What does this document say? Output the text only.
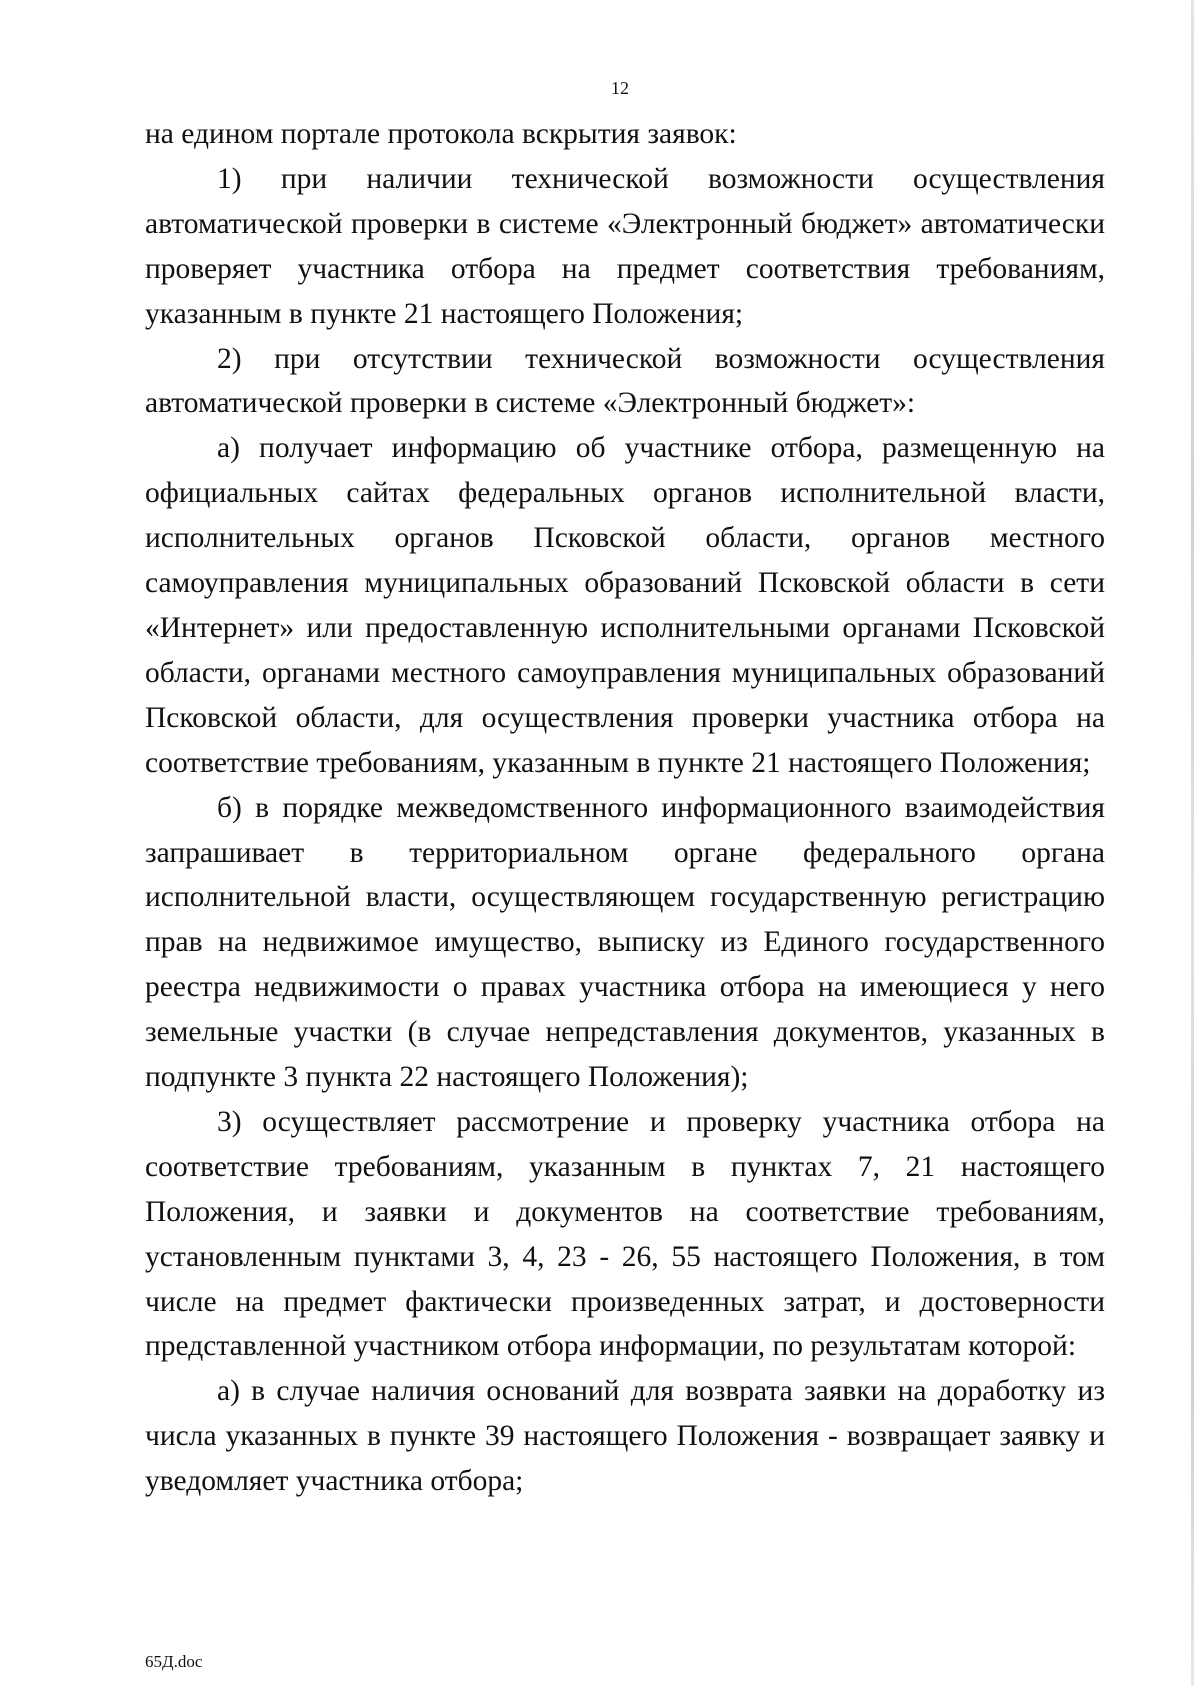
12

на едином портале протокола вскрытия заявок:

1) при наличии технической возможности осуществления автоматической проверки в системе «Электронный бюджет» автоматически проверяет участника отбора на предмет соответствия требованиям, указанным в пункте 21 настоящего Положения;

2) при отсутствии технической возможности осуществления автоматической проверки в системе «Электронный бюджет»:

а) получает информацию об участнике отбора, размещенную на официальных сайтах федеральных органов исполнительной власти, исполнительных органов Псковской области, органов местного самоуправления муниципальных образований Псковской области в сети «Интернет» или предоставленную исполнительными органами Псковской области, органами местного самоуправления муниципальных образований Псковской области, для осуществления проверки участника отбора на соответствие требованиям, указанным в пункте 21 настоящего Положения;

б) в порядке межведомственного информационного взаимодействия запрашивает в территориальном органе федерального органа исполнительной власти, осуществляющем государственную регистрацию прав на недвижимое имущество, выписку из Единого государственного реестра недвижимости о правах участника отбора на имеющиеся у него земельные участки (в случае непредставления документов, указанных в подпункте 3 пункта 22 настоящего Положения);

3) осуществляет рассмотрение и проверку участника отбора на соответствие требованиям, указанным в пунктах 7, 21 настоящего Положения, и заявки и документов на соответствие требованиям, установленным пунктами 3, 4, 23 - 26, 55 настоящего Положения, в том числе на предмет фактически произведенных затрат, и достоверности представленной участником отбора информации, по результатам которой:

а) в случае наличия оснований для возврата заявки на доработку из числа указанных в пункте 39 настоящего Положения - возвращает заявку и уведомляет участника отбора;

65Д.doc
